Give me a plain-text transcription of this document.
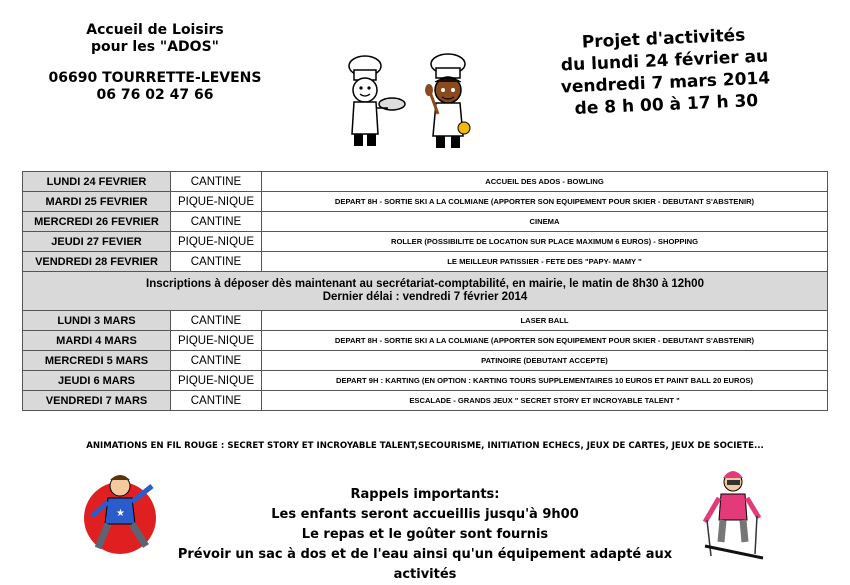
Accueil de Loisirs
pour les "ADOS"
06690 TOURRETTE-LEVENS
06 76 02 47 66
Projet d'activités
du lundi 24 février au
vendredi 7 mars 2014
de 8 h 00 à 17 h 30
LUNDI 24 FEVRIER	CANTINE	ACCUEIL DES ADOS - BOWLING
MARDI 25 FEVRIER	PIQUE-NIQUE	DEPART 8H - SORTIE SKI A LA COLMIANE (APPORTER SON EQUIPEMENT POUR SKIER - DEBUTANT S'ABSTENIR)
MERCREDI 26 FEVRIER	CANTINE	CINEMA
JEUDI 27 FEVIER	PIQUE-NIQUE	ROLLER (POSSIBILITE DE LOCATION SUR PLACE MAXIMUM 6 EUROS) - SHOPPING
VENDREDI 28 FEVRIER	CANTINE	LE MEILLEUR PATISSIER - FETE DES "PAPY- MAMY "

Inscriptions à déposer dès maintenant au secrétariat-comptabilité, en mairie, le matin de 8h30 à 12h00
Dernier délai : vendredi 7 février 2014		

LUNDI 3 MARS	CANTINE	LASER BALL
MARDI 4 MARS	PIQUE-NIQUE	DEPART 8H - SORTIE SKI A LA COLMIANE (APPORTER SON EQUIPEMENT POUR SKIER - DEBUTANT S'ABSTENIR)
MERCREDI 5 MARS	CANTINE	PATINOIRE (DEBUTANT ACCEPTE)
JEUDI 6 MARS	PIQUE-NIQUE	DEPART 9H : KARTING (EN OPTION : KARTING TOURS SUPPLEMENTAIRES 10 EUROS ET PAINT BALL 20 EUROS)
VENDREDI 7 MARS	CANTINE	ESCALADE - GRANDS JEUX " SECRET STORY ET INCROYABLE TALENT "
ANIMATIONS EN FIL ROUGE : SECRET STORY ET INCROYABLE TALENT,SECOURISME, INITIATION ECHECS, JEUX DE CARTES, JEUX DE SOCIETE...
★
Rappels importants:
Les enfants seront accueillis jusqu'à 9h00
Le repas et le goûter sont fournis
Prévoir un sac à dos et de l'eau ainsi qu'un équipement adapté aux activités
